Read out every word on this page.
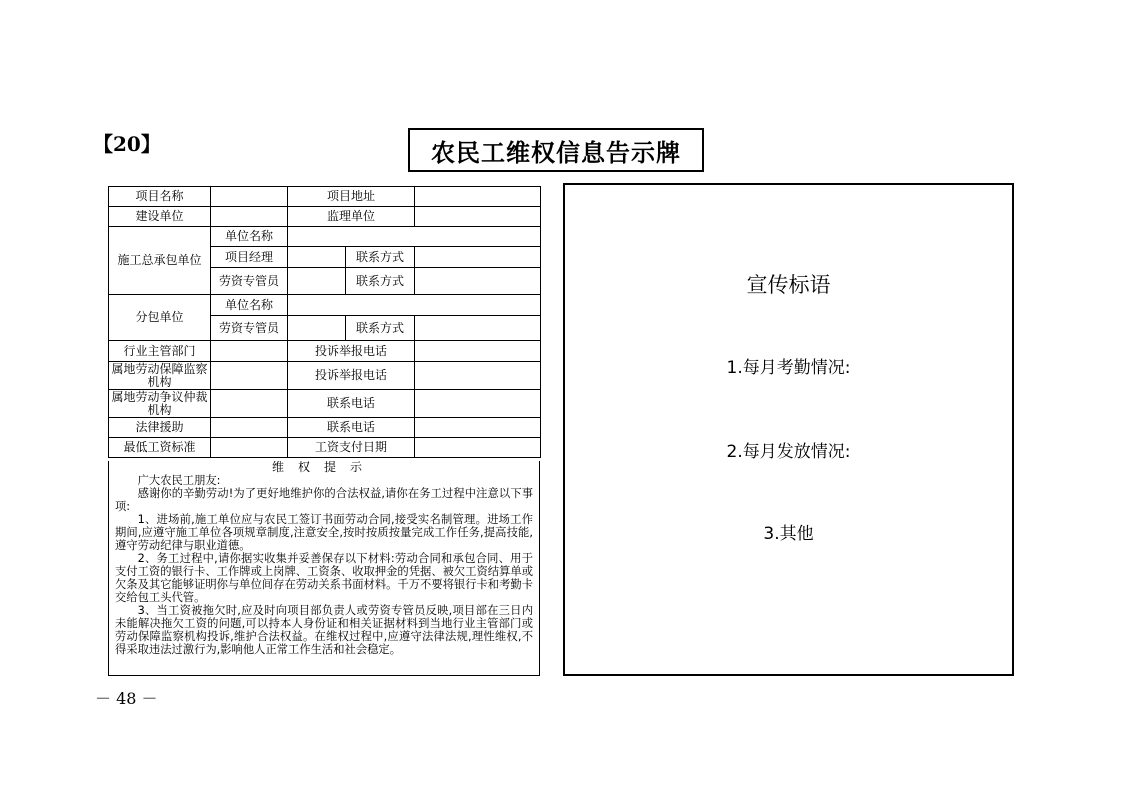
【20】	农民工维权信息告示牌
项目名称		项目地址		
建设单位		监理单位		
施工总承包单位	单位名称			
	项目经理		联系方式	
	劳资专管员		联系方式	
分包单位	单位名称			
	劳资专管员		联系方式	
行业主管部门		投诉举报电话		
属地劳动保障监察机构		投诉举报电话		
属地劳动争议仲裁机构		联系电话		
法律援助		联系电话		
最低工资标准		工资支付日期		
维权提示

广大农民工朋友:

感谢你的辛勤劳动!为了更好地维护你的合法权益,请你在务工过程中注意以下事项:

1、进场前,施工单位应与农民工签订书面劳动合同,接受实名制管理。进场工作期间,应遵守施工单位各项规章制度,注意安全,按时按质按量完成工作任务,提高技能,遵守劳动纪律与职业道德。

2、务工过程中,请你据实收集并妥善保存以下材料:劳动合同和承包合同、用于支付工资的银行卡、工作牌或上岗牌、工资条、收取押金的凭据、被欠工资结算单或欠条及其它能够证明你与单位间存在劳动关系书面材料。千万不要将银行卡和考勤卡交给包工头代管。

3、当工资被拖欠时,应及时向项目部负责人或劳资专管员反映,项目部在三日内未能解决拖欠工资的问题,可以持本人身份证和相关证据材料到当地行业主管部门或劳动保障监察机构投诉,维护合法权益。在维权过程中,应遵守法律法规,理性维权,不得采取违法过激行为,影响他人正常工作生活和社会稳定。

宣传标语
1.每月考勤情况:
2.每月发放情况:
3.其他
－ 48 －
